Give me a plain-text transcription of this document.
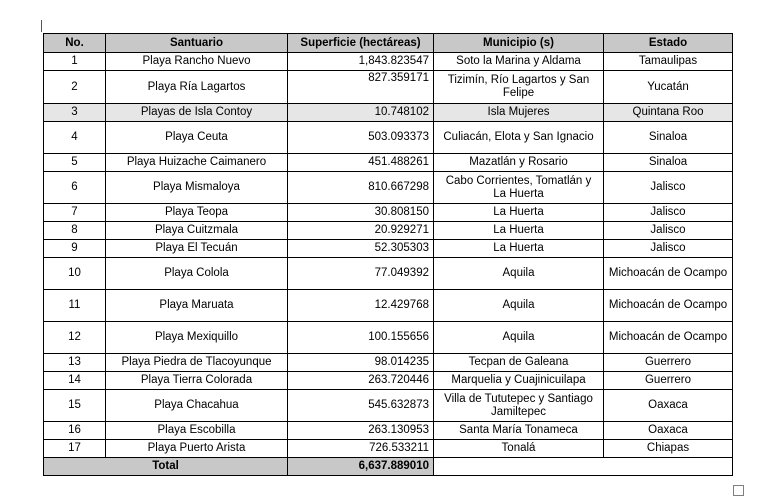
No.	Santuario	Superficie (hectáreas)	Municipio (s)	Estado
1	Playa Rancho Nuevo	1,843.823547	Soto la Marina y Aldama	Tamaulipas
2	Playa Ría Lagartos	827.359171	Tizimín, Río Lagartos y San Felipe	Yucatán
3	Playas de Isla Contoy	10.748102	Isla Mujeres	Quintana Roo
4	Playa Ceuta	503.093373	Culiacán, Elota y San Ignacio	Sinaloa
5	Playa Huizache Caimanero	451.488261	Mazatlán y Rosario	Sinaloa
6	Playa Mismaloya	810.667298	Cabo Corrientes, Tomatlán y La Huerta	Jalisco
7	Playa Teopa	30.808150	La Huerta	Jalisco
8	Playa Cuitzmala	20.929271	La Huerta	Jalisco
9	Playa El Tecuán	52.305303	La Huerta	Jalisco
10	Playa Colola	77.049392	Aquila	Michoacán de Ocampo
11	Playa Maruata	12.429768	Aquila	Michoacán de Ocampo
12	Playa Mexiquillo	100.155656	Aquila	Michoacán de Ocampo
13	Playa Piedra de Tlacoyunque	98.014235	Tecpan de Galeana	Guerrero
14	Playa Tierra Colorada	263.720446	Marquelia y Cuajinicuilapa	Guerrero
15	Playa Chacahua	545.632873	Villa de Tututepec y Santiago Jamiltepec	Oaxaca
16	Playa Escobilla	263.130953	Santa María Tonameca	Oaxaca
17	Playa Puerto Arista	726.533211	Tonalá	Chiapas
Total		6,637.889010		
